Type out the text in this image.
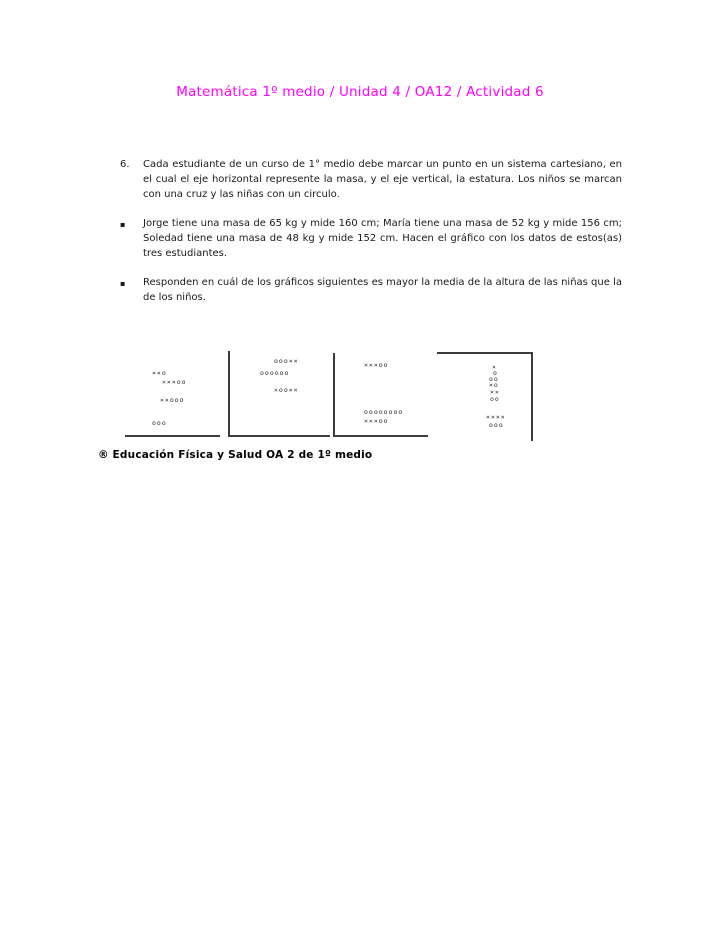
Matemática 1º medio / Unidad 4 / OA12 / Actividad 6
6.	Cada estudiante de un curso de 1° medio debe marcar un punto en un sistema cartesiano, en el cual el eje horizontal represente la masa, y el eje vertical, la estatura. Los niños se marcan con una cruz y las niñas con un circulo.
▪	Jorge tiene una masa de 65 kg y mide 160 cm; María tiene una masa de 52 kg y mide 156 cm; Soledad tiene una masa de 48 kg y mide 152 cm. Hacen el gráfico con los datos de estos(as) tres estudiantes.
▪	Responden en cuál de los gráficos siguientes es mayor la media de la altura de las niñas que la de los niños.
××o
×××oo
××ooo
ooo
ooo××
oooooo
×oo××
×××oo
oooooooo
×××oo
×
o
oo
×o
××
oo
××××
ooo
® Educación Física y Salud OA 2 de 1º medio
